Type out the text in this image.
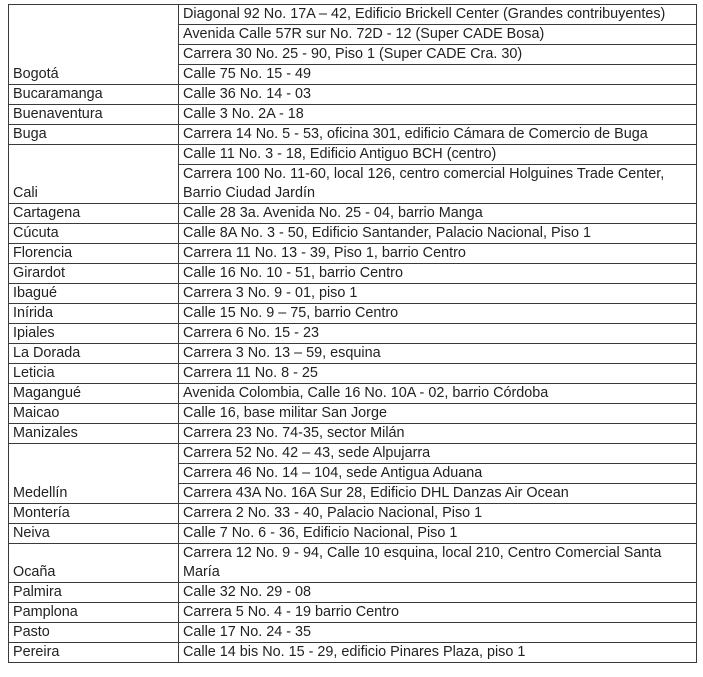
Bogotá	Diagonal 92 No. 17A – 42, Edificio Brickell Center (Grandes contribuyentes)
	Avenida Calle 57R sur No. 72D - 12 (Super CADE Bosa)
	Carrera 30 No. 25 - 90, Piso 1 (Super CADE Cra. 30)
	Calle 75 No. 15 - 49
Bucaramanga	Calle 36 No. 14 - 03
Buenaventura	Calle 3 No. 2A - 18
Buga	Carrera 14 No. 5 - 53, oficina 301, edificio Cámara de Comercio de Buga
Cali	Calle 11 No. 3 - 18, Edificio Antiguo BCH (centro)
	Carrera 100 No. 11-60, local 126, centro comercial Holguines Trade Center, Barrio Ciudad Jardín
Cartagena	Calle 28 3a. Avenida No. 25 - 04, barrio Manga
Cúcuta	Calle 8A No. 3 - 50, Edificio Santander, Palacio Nacional, Piso 1
Florencia	Carrera 11 No. 13 - 39, Piso 1, barrio Centro
Girardot	Calle 16 No. 10 - 51, barrio Centro
Ibagué	Carrera 3 No. 9 - 01, piso 1
Inírida	Calle 15 No. 9 – 75, barrio Centro
Ipiales	Carrera 6 No. 15 - 23
La Dorada	Carrera 3 No. 13 – 59, esquina
Leticia	Carrera 11 No. 8 - 25
Magangué	Avenida Colombia, Calle 16 No. 10A - 02, barrio Córdoba
Maicao	Calle 16, base militar San Jorge
Manizales	Carrera 23 No. 74-35, sector Milán
Medellín	Carrera 52 No. 42 – 43, sede Alpujarra
	Carrera 46 No. 14 – 104, sede Antigua Aduana
	Carrera 43A No. 16A Sur 28, Edificio DHL Danzas Air Ocean
Montería	Carrera 2 No. 33 - 40, Palacio Nacional, Piso 1
Neiva	Calle 7 No. 6 - 36, Edificio Nacional, Piso 1
Ocaña	Carrera 12 No. 9 - 94, Calle 10 esquina, local 210, Centro Comercial Santa María
Palmira	Calle 32 No. 29 - 08
Pamplona	Carrera 5 No. 4 - 19 barrio Centro
Pasto	Calle 17 No. 24 - 35
Pereira	Calle 14 bis No. 15 - 29, edificio Pinares Plaza, piso 1
